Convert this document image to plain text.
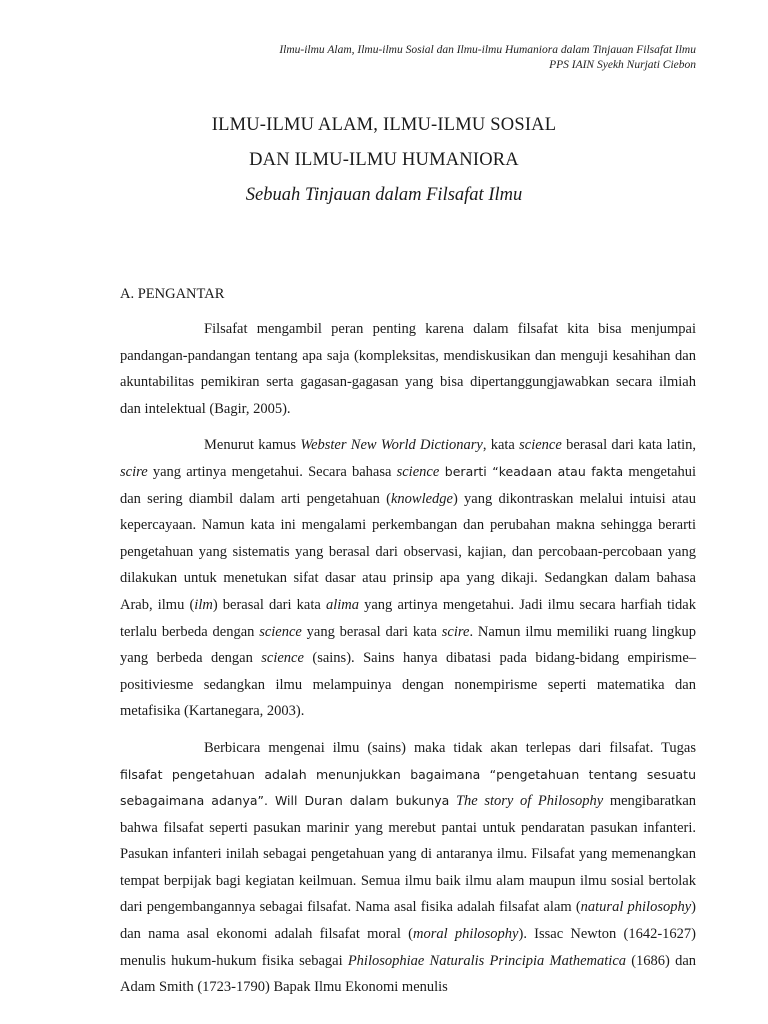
Ilmu-ilmu Alam, Ilmu-ilmu Sosial dan Ilmu-ilmu Humaniora dalam Tinjauan Filsafat Ilmu
PPS IAIN Syekh Nurjati Ciebon
ILMU-ILMU ALAM, ILMU-ILMU SOSIAL
DAN ILMU-ILMU HUMANIORA
Sebuah Tinjauan dalam Filsafat Ilmu
A. PENGANTAR

Filsafat mengambil peran penting karena dalam filsafat kita bisa menjumpai pandangan-pandangan tentang apa saja (kompleksitas, mendiskusikan dan menguji kesahihan dan akuntabilitas pemikiran serta gagasan-gagasan yang bisa dipertanggungjawabkan secara ilmiah dan intelektual (Bagir, 2005).

Menurut kamus Webster New World Dictionary, kata science berasal dari kata latin, scire yang artinya mengetahui. Secara bahasa science berarti “keadaan atau fakta mengetahui dan sering diambil dalam arti pengetahuan (knowledge) yang dikontraskan melalui intuisi atau kepercayaan. Namun kata ini mengalami perkembangan dan perubahan makna sehingga berarti pengetahuan yang sistematis yang berasal dari observasi, kajian, dan percobaan-percobaan yang dilakukan untuk menetukan sifat dasar atau prinsip apa yang dikaji. Sedangkan dalam bahasa Arab, ilmu (ilm) berasal dari kata alima yang artinya mengetahui. Jadi ilmu secara harfiah tidak terlalu berbeda dengan science yang berasal dari kata scire. Namun ilmu memiliki ruang lingkup yang berbeda dengan science (sains). Sains hanya dibatasi pada bidang-bidang empirisme– positiviesme sedangkan ilmu melampuinya dengan nonempirisme seperti matematika dan metafisika (Kartanegara, 2003).

Berbicara mengenai ilmu (sains) maka tidak akan terlepas dari filsafat. Tugas filsafat pengetahuan adalah menunjukkan bagaimana “pengetahuan tentang sesuatu sebagaimana adanya”. Will Duran dalam bukunya The story of Philosophy mengibaratkan bahwa filsafat seperti pasukan marinir yang merebut pantai untuk pendaratan pasukan infanteri. Pasukan infanteri inilah sebagai pengetahuan yang di antaranya ilmu. Filsafat yang memenangkan tempat berpijak bagi kegiatan keilmuan. Semua ilmu baik ilmu alam maupun ilmu sosial bertolak dari pengembangannya sebagai filsafat. Nama asal fisika adalah filsafat alam (natural philosophy) dan nama asal ekonomi adalah filsafat moral (moral philosophy). Issac Newton (1642-1627) menulis hukum-hukum fisika sebagai Philosophiae Naturalis Principia Mathematica (1686) dan Adam Smith (1723-1790) Bapak Ilmu Ekonomi menulis
